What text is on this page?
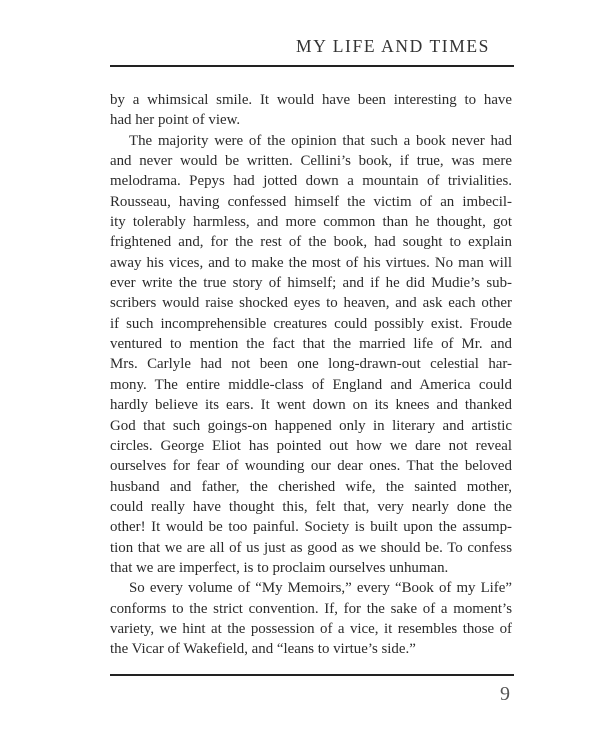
MY LIFE AND TIMES
by a whimsical smile. It would have been interesting to have
had her point of view.
The majority were of the opinion that such a book never had
and never would be written. Cellini’s book, if true, was mere
melodrama. Pepys had jotted down a mountain of trivialities.
Rousseau, having confessed himself the victim of an imbecil-
ity tolerably harmless, and more common than he thought, got
frightened and, for the rest of the book, had sought to explain
away his vices, and to make the most of his virtues. No man will
ever write the true story of himself; and if he did Mudie’s sub-
scribers would raise shocked eyes to heaven, and ask each other
if such incomprehensible creatures could possibly exist. Froude
ventured to mention the fact that the married life of Mr. and
Mrs. Carlyle had not been one long-drawn-out celestial har-
mony. The entire middle-class of England and America could
hardly believe its ears. It went down on its knees and thanked
God that such goings-on happened only in literary and artistic
circles. George Eliot has pointed out how we dare not reveal
ourselves for fear of wounding our dear ones. That the beloved
husband and father, the cherished wife, the sainted mother,
could really have thought this, felt that, very nearly done the
other! It would be too painful. Society is built upon the assump-
tion that we are all of us just as good as we should be. To confess
that we are imperfect, is to proclaim ourselves unhuman.
So every volume of “My Memoirs,” every “Book of my Life”
conforms to the strict convention. If, for the sake of a moment’s
variety, we hint at the possession of a vice, it resembles those of
the Vicar of Wakefield, and “leans to virtue’s side.”
9
